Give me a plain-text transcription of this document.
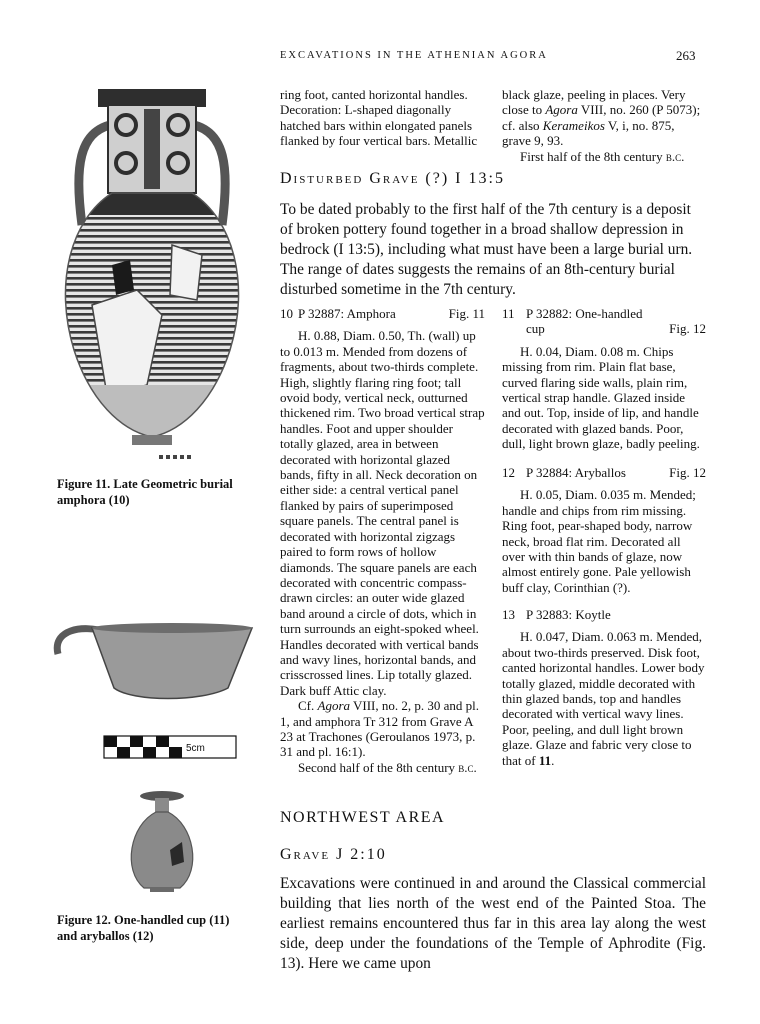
EXCAVATIONS IN THE ATHENIAN AGORA	263

ring foot, canted horizontal handles. Decoration: L-shaped diagonally hatched bars within elongated panels flanked by four vertical bars. Metallic

black glaze, peeling in places. Very close to Agora VIII, no. 260 (P 5073); cf. also Kerameikos V, i, no. 875, grave 9, 93.

First half of the 8th century b.c.

Disturbed Grave (?) I 13:5
To be dated probably to the first half of the 7th century is a deposit of broken pottery found together in a broad shallow depression in bedrock (I 13:5), including what must have been a large burial urn. The range of dates suggests the remains of an 8th-century burial disturbed sometime in the 7th century.
10 P 32887: Amphora	Fig. 11

H. 0.88, Diam. 0.50, Th. (wall) up to 0.013 m. Mended from dozens of fragments, about two-thirds complete. High, slightly flaring ring foot; tall ovoid body, vertical neck, outturned thickened rim. Two broad vertical strap handles. Foot and upper shoulder totally glazed, area in between decorated with horizontal glazed bands, fifty in all. Neck decoration on either side: a central vertical panel flanked by pairs of superimposed square panels. The central panel is decorated with horizontal zigzags paired to form rows of hollow diamonds. The square panels are each decorated with concentric compass-drawn circles: an outer wide glazed band around a circle of dots, which in turn surrounds an eight-spoked wheel. Handles decorated with vertical bands and wavy lines, horizontal bands, and crisscrossed lines. Lip totally glazed. Dark buff Attic clay.

Cf. Agora VIII, no. 2, p. 30 and pl. 1, and amphora Tr 312 from Grave A 23 at Trachones (Geroulanos 1973, p. 31 and pl. 16:1).

Second half of the 8th century b.c.

11 P 32882: One-handled
cup	Fig. 12

H. 0.04, Diam. 0.08 m. Chips missing from rim. Plain flat base, curved flaring side walls, plain rim, vertical strap handle. Glazed inside and out. Top, inside of lip, and handle decorated with glazed bands. Poor, dull, light brown glaze, badly peeling.

12 P 32884: Aryballos	Fig. 12

H. 0.05, Diam. 0.035 m. Mended; handle and chips from rim missing. Ring foot, pear-shaped body, narrow neck, broad flat rim. Decorated all over with thin bands of glaze, now almost entirely gone. Pale yellowish buff clay, Corinthian (?).

13 P 32883: Koytle

H. 0.047, Diam. 0.063 m. Mended, about two-thirds preserved. Disk foot, canted horizontal handles. Lower body totally glazed, middle decorated with thin glazed bands, top and handles decorated with vertical wavy lines. Poor, peeling, and dull light brown glaze. Glaze and fabric very close to that of 11.

NORTHWEST AREA
Grave J 2:10
Excavations were continued in and around the Classical commercial building that lies north of the west end of the Painted Stoa. The earliest remains encountered thus far in this area lay along the west side, deep under the foundations of the Temple of Aphrodite (Fig. 13). Here we came upon
Figure 11. Late Geometric burial amphora (10)
5cm
Figure 12. One-handled cup (11) and aryballos (12)
